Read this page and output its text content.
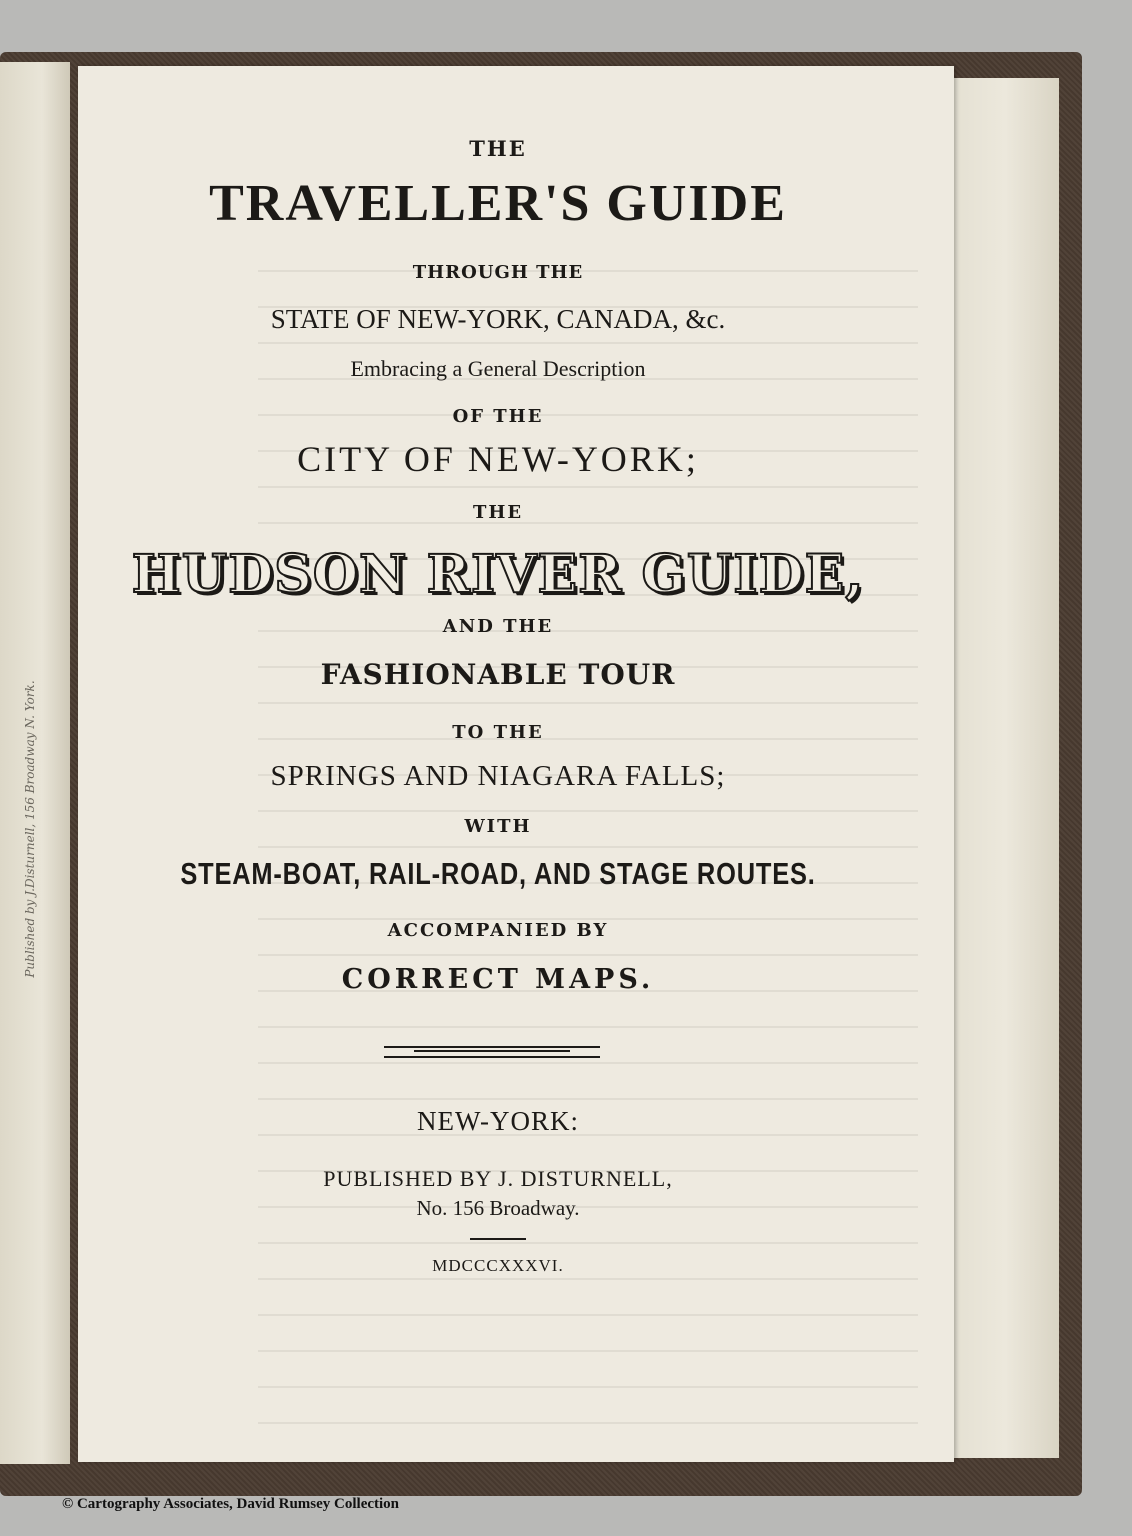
Published by J.Disturnell, 156 Broadway N. York.
THE
TRAVELLER'S GUIDE
THROUGH THE
STATE OF NEW-YORK, CANADA, &c.
Embracing a General Description
OF THE
CITY OF NEW-YORK;
THE
HUDSON RIVER GUIDE,
AND THE
FASHIONABLE TOUR
TO THE
SPRINGS AND NIAGARA FALLS;
WITH
STEAM-BOAT, RAIL-ROAD, AND STAGE ROUTES.
ACCOMPANIED BY
CORRECT MAPS.
NEW-YORK:
PUBLISHED BY J. DISTURNELL,
No. 156 Broadway.
MDCCCXXXVI.
© Cartography Associates, David Rumsey Collection
